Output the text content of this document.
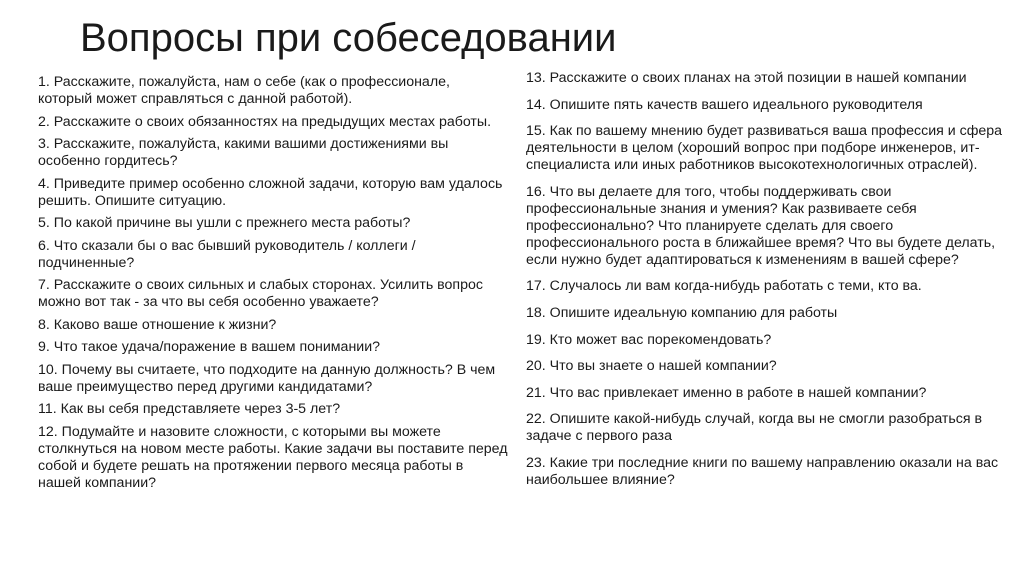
Вопросы при собеседовании
1. Расскажите, пожалуйста, нам о себе (как о профессионале, который может справляться с данной работой).
2. Расскажите о своих обязанностях на предыдущих местах работы.
3. Расскажите, пожалуйста, какими вашими достижениями вы особенно гордитесь?
4. Приведите пример особенно сложной задачи, которую вам удалось решить. Опишите ситуацию.
5. По какой причине вы ушли с прежнего места работы?
6. Что сказали бы о вас бывший руководитель / коллеги / подчиненные?
7. Расскажите о своих сильных и слабых сторонах. Усилить вопрос можно вот так - за что вы себя особенно уважаете?
8. Каково ваше отношение к жизни?
9. Что такое удача/поражение в вашем понимании?
10. Почему вы считаете, что подходите на данную должность? В чем ваше преимущество перед другими кандидатами?
11. Как вы себя представляете через 3-5 лет?
12. Подумайте и назовите сложности, с которыми вы можете столкнуться на новом месте работы. Какие задачи вы поставите перед собой и будете решать на протяжении первого месяца работы в нашей компании?
13. Расскажите о своих планах на этой позиции в нашей компании
14. Опишите пять качеств вашего идеального руководителя
15. Как по вашему мнению будет развиваться ваша профессия и сфера деятельности в целом (хороший вопрос при подборе инженеров, ит-специалиста или иных работников высокотехнологичных отраслей).
16. Что вы делаете для того, чтобы поддерживать свои профессиональные знания и умения? Как развиваете себя профессионально? Что планируете сделать для своего профессионального роста в ближайшее время? Что вы будете делать, если нужно будет адаптироваться к изменениям в вашей сфере?
17. Случалось ли вам когда-нибудь работать с теми, кто ва.
18. Опишите идеальную компанию для работы
19. Кто может вас порекомендовать?
20. Что вы знаете о нашей компании?
21. Что вас привлекает именно в работе в нашей компании?
22. Опишите какой-нибудь случай, когда вы не смогли разобраться в задаче с первого раза
23. Какие три последние книги по вашему направлению оказали на вас наибольшее влияние?
